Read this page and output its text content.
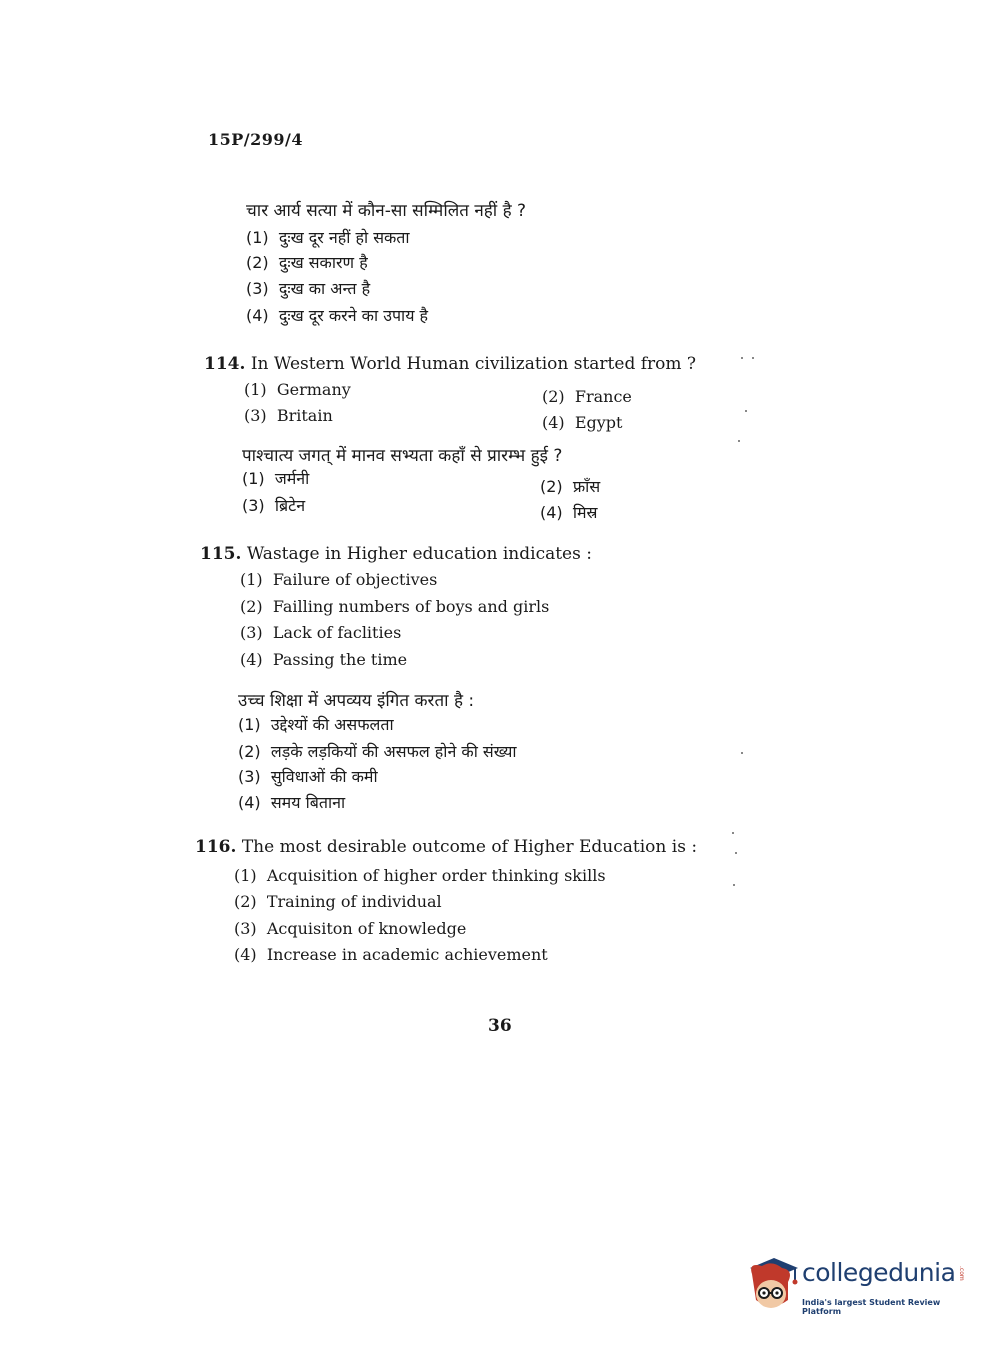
15P/299/4
चार आर्य सत्या में कौन-सा सम्मिलित नहीं है ?
(1) दुःख दूर नहीं हो सकता
(2) दुःख सकारण है
(3) दुःख का अन्त है
(4) दुःख दूर करने का उपाय है
114. In Western World Human civilization started from ?
(1) Germany	(2) France
(3) Britain	(4) Egypt
पाश्चात्य जगत् में मानव सभ्यता कहाँ से प्रारम्भ हुई ?
(1) जर्मनी	(2) फ्राँस
(3) ब्रिटेन	(4) मिस्र
115. Wastage in Higher education indicates :
(1) Failure of objectives
(2) Failling numbers of boys and girls
(3) Lack of faclities
(4) Passing the time
उच्च शिक्षा में अपव्यय इंगित करता है :
(1) उद्देश्यों की असफलता
(2) लड़के लड़कियों की असफल होने की संख्या
(3) सुविधाओं की कमी
(4) समय बिताना
116. The most desirable outcome of Higher Education is :
(1) Acquisition of higher order thinking skills
(2) Training of individual
(3) Acquisiton of knowledge
(4) Increase in academic achievement
36
collegedunia .com
India's largest Student Review Platform
